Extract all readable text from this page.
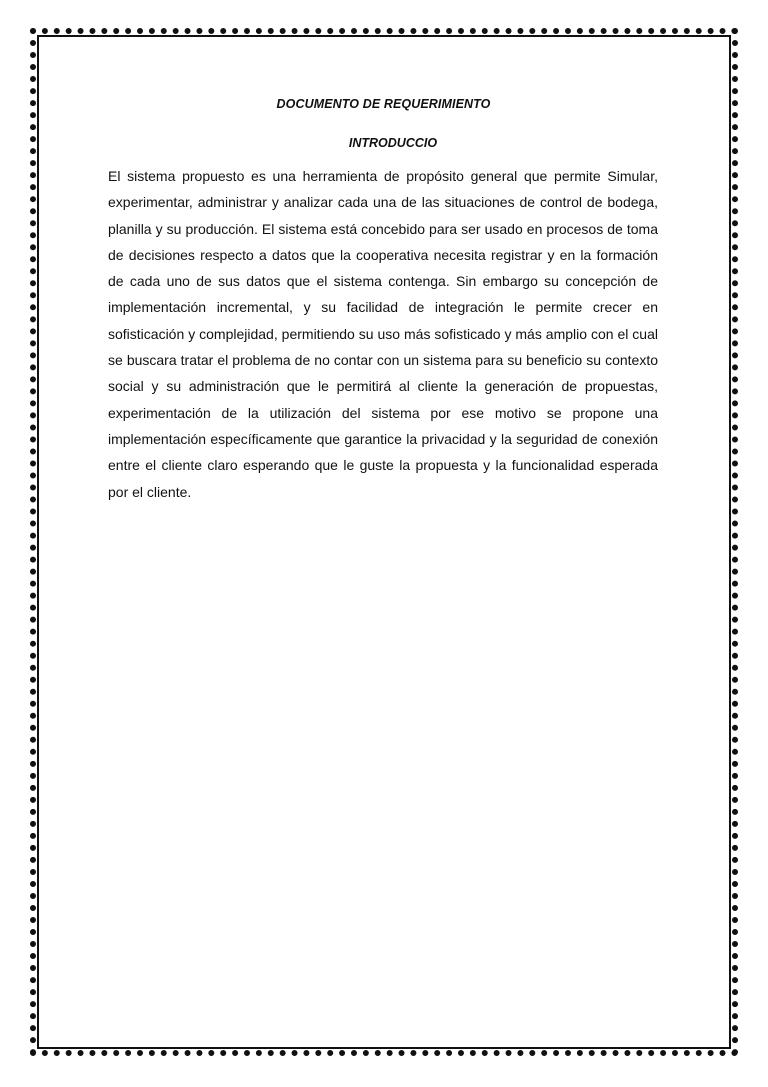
DOCUMENTO DE REQUERIMIENTO
INTRODUCCIO

El sistema propuesto es una herramienta de propósito general que permite Simular, experimentar, administrar y analizar cada una de las situaciones de control de bodega, planilla y su producción. El sistema está concebido para ser usado en procesos de toma de decisiones respecto a datos que la cooperativa necesita registrar y en la formación de cada uno de sus datos que el sistema contenga. Sin embargo su concepción de implementación incremental, y su facilidad de integración le permite crecer en sofisticación y complejidad, permitiendo su uso más sofisticado y más amplio con el cual se buscara tratar el problema de no contar con un sistema para su beneficio su contexto social y su administración que le permitirá al cliente la generación de propuestas, experimentación de la utilización del sistema por ese motivo se propone una implementación específicamente que garantice la privacidad y la seguridad de conexión entre el cliente claro esperando que le guste la propuesta y la funcionalidad esperada por el cliente.
